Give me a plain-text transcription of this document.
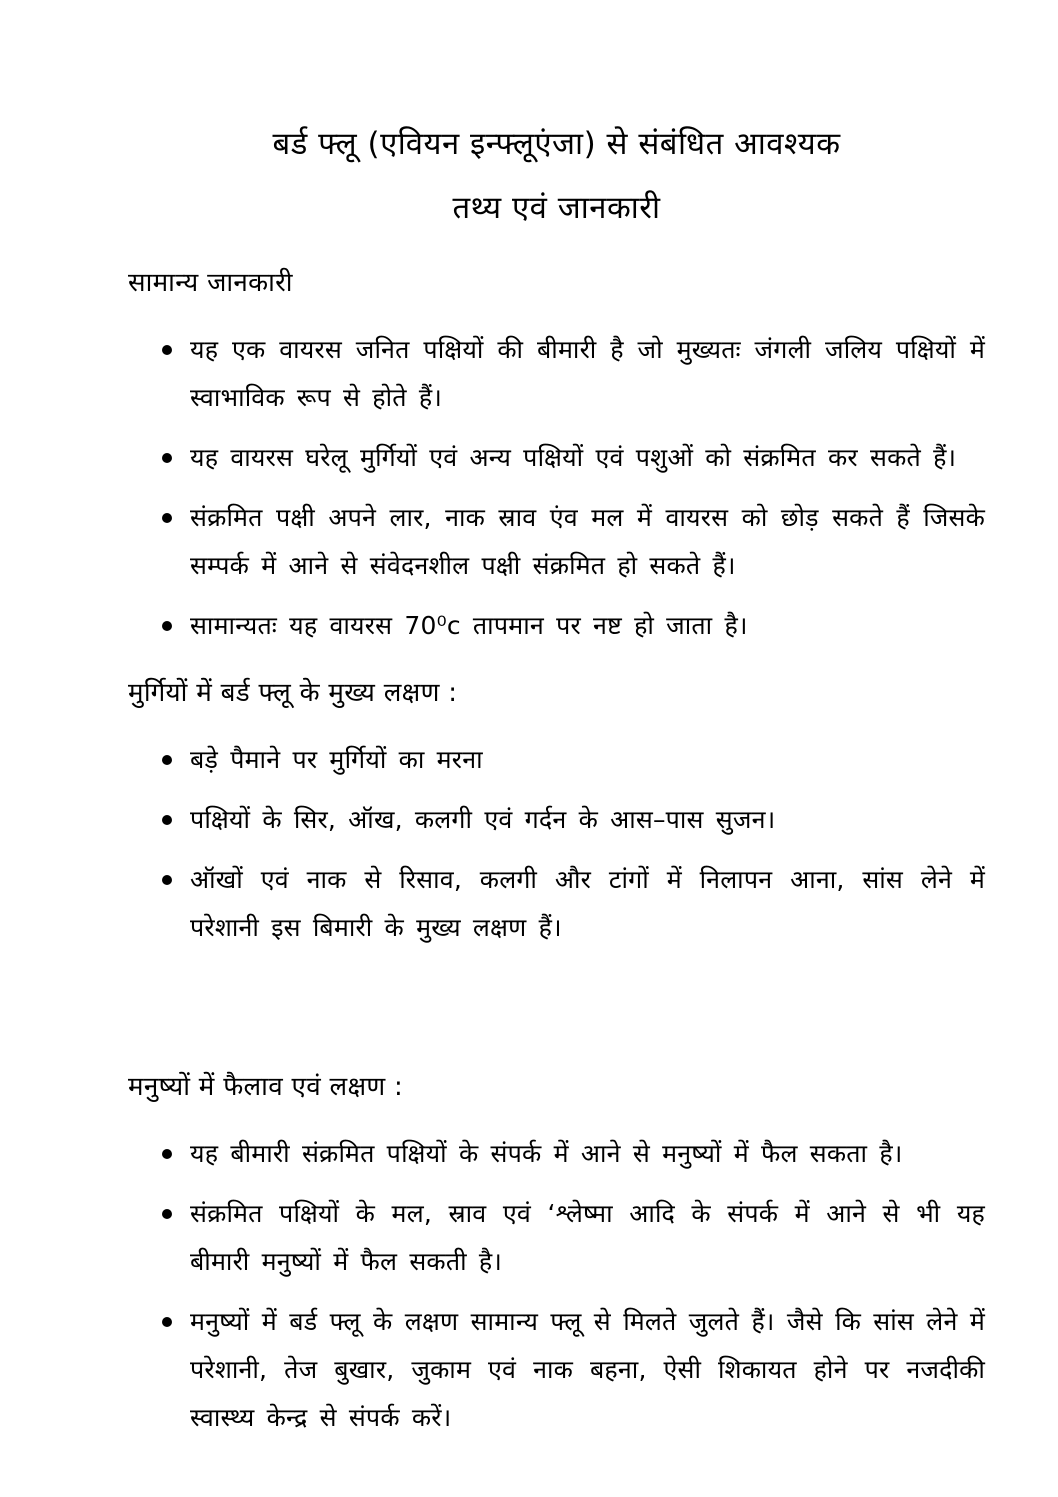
बर्ड फ्लू (एवियन इन्फ्लूएंजा) से संबंधित आवश्यक
तथ्य एवं जानकारी
सामान्य जानकारी
यह एक वायरस जनित पक्षियों की बीमारी है जो मुख्यतः जंगली जलिय पक्षियों में स्वाभाविक रूप से होते हैं।
यह वायरस घरेलू मुर्गियों एवं अन्य पक्षियों एवं पशुओं को संक्रमित कर सकते हैं।
संक्रमित पक्षी अपने लार, नाक स्राव एंव मल में वायरस को छोड़ सकते हैं जिसके सम्पर्क में आने से संवेदनशील पक्षी संक्रमित हो सकते हैं।
सामान्यतः यह वायरस 70⁰c तापमान पर नष्ट हो जाता है।
मुर्गियों में बर्ड फ्लू के मुख्य लक्षण :
बड़े पैमाने पर मुर्गियों का मरना
पक्षियों के सिर, ऑख, कलगी एवं गर्दन के आस–पास सुजन।
ऑखों एवं नाक से रिसाव, कलगी और टांगों में निलापन आना, सांस लेने में परेशानी इस बिमारी के मुख्य लक्षण हैं।
मनुष्यों में फैलाव एवं लक्षण :
यह बीमारी संक्रमित पक्षियों के संपर्क में आने से मनुष्यों में फैल सकता है।
संक्रमित पक्षियों के मल, स्राव एवं ‘श्लेष्मा आदि के संपर्क में आने से भी यह बीमारी मनुष्यों में फैल सकती है।
मनुष्यों में बर्ड फ्लू के लक्षण सामान्य फ्लू से मिलते जुलते हैं। जैसे कि सांस लेने में परेशानी, तेज बुखार, जुकाम एवं नाक बहना, ऐसी शिकायत होने पर नजदीकी स्वास्थ्य केन्द्र से संपर्क करें।
